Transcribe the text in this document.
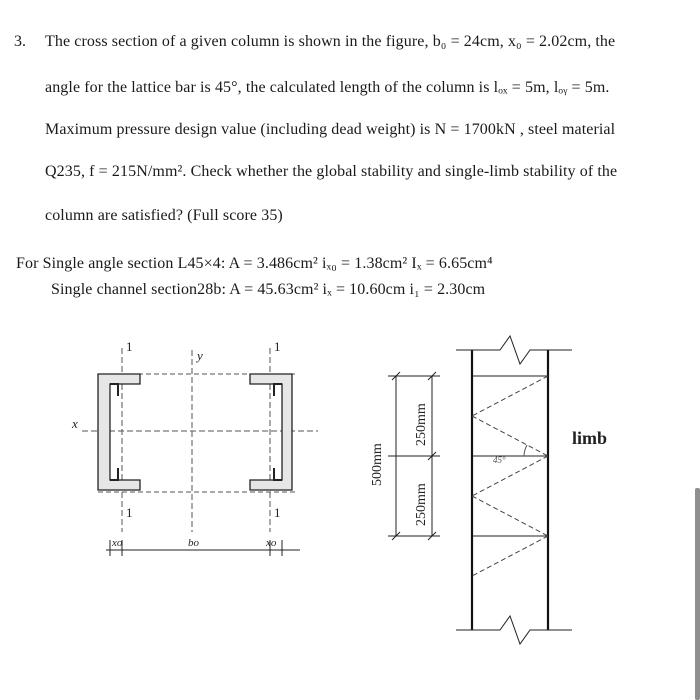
3. The cross section of a given column is shown in the figure, b₀ = 24cm, x₀ = 2.02cm, the
angle for the lattice bar is 45°, the calculated length of the column is lₒₓ = 5m, lₒᵧ = 5m.
Maximum pressure design value (including dead weight) is N = 1700kN , steel material
Q235, f = 215N/mm². Check whether the global stability and single-limb stability of the
column are satisfied? (Full score 35)
For Single angle section L45×4: A = 3.486cm² iₓ₀ = 1.38cm² Iₓ = 6.65cm⁴
Single channel section28b: A = 45.63cm² iₓ = 10.60cm i₁ = 2.30cm
x
y
1	1
1	1
xo	bo	xo
500mm
250mm
250mm
45°
limb
